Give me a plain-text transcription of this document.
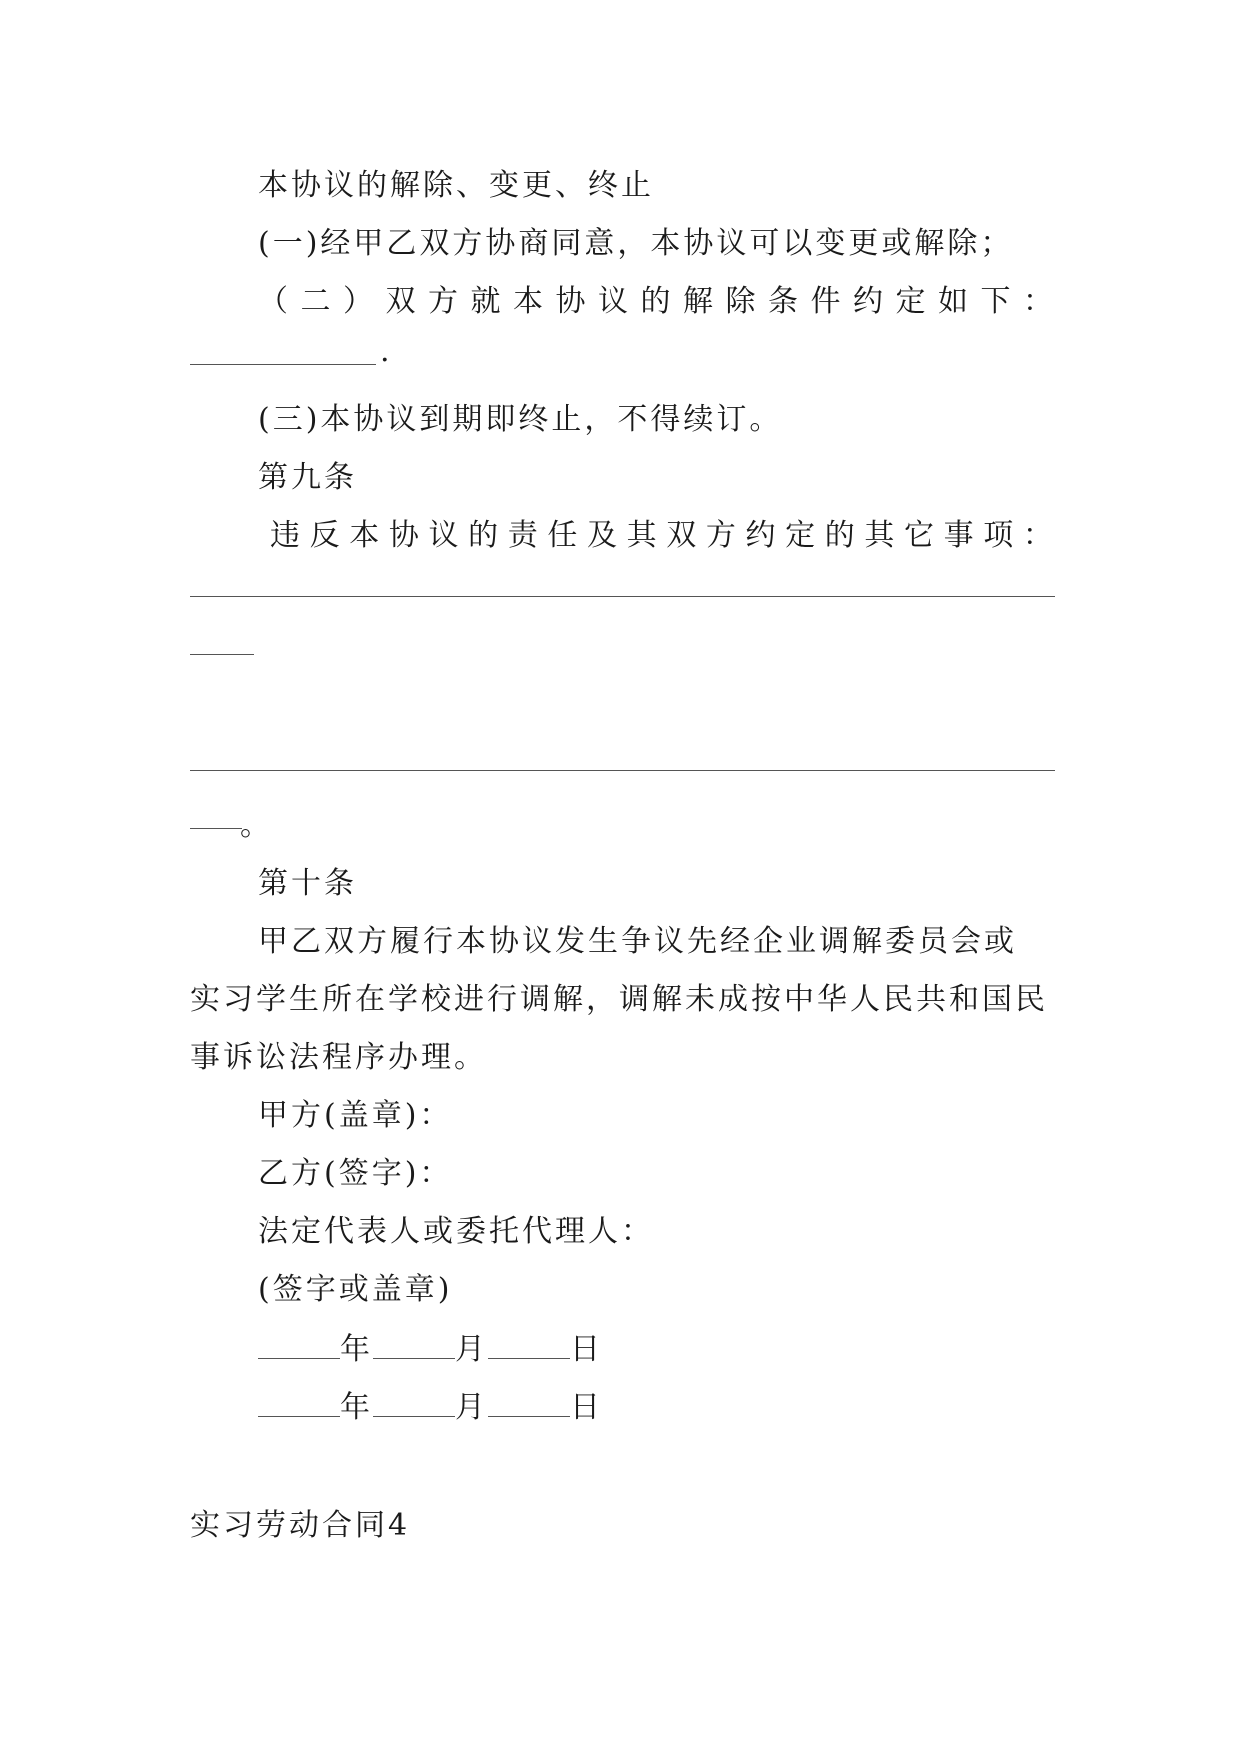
本协议的解除、变更、终止
(一)经甲乙双方协商同意，本协议可以变更或解除；
（ 二 ） 双 方 就 本 协 议 的 解 除 条 件 约 定 如 下 ：
.
(三)本协议到期即终止，不得续订。
第九条
违 反 本 协 议 的 责 任 及 其 双 方 约 定 的 其 它 事 项 ：
。
第十条
甲乙双方履行本协议发生争议先经企业调解委员会或
实习学生所在学校进行调解，调解未成按中华人民共和国民
事诉讼法程序办理。
甲方(盖章)：
乙方(签字)：
法定代表人或委托代理人：
(签字或盖章)
年	月	日
年	月	日
实习劳动合同4
